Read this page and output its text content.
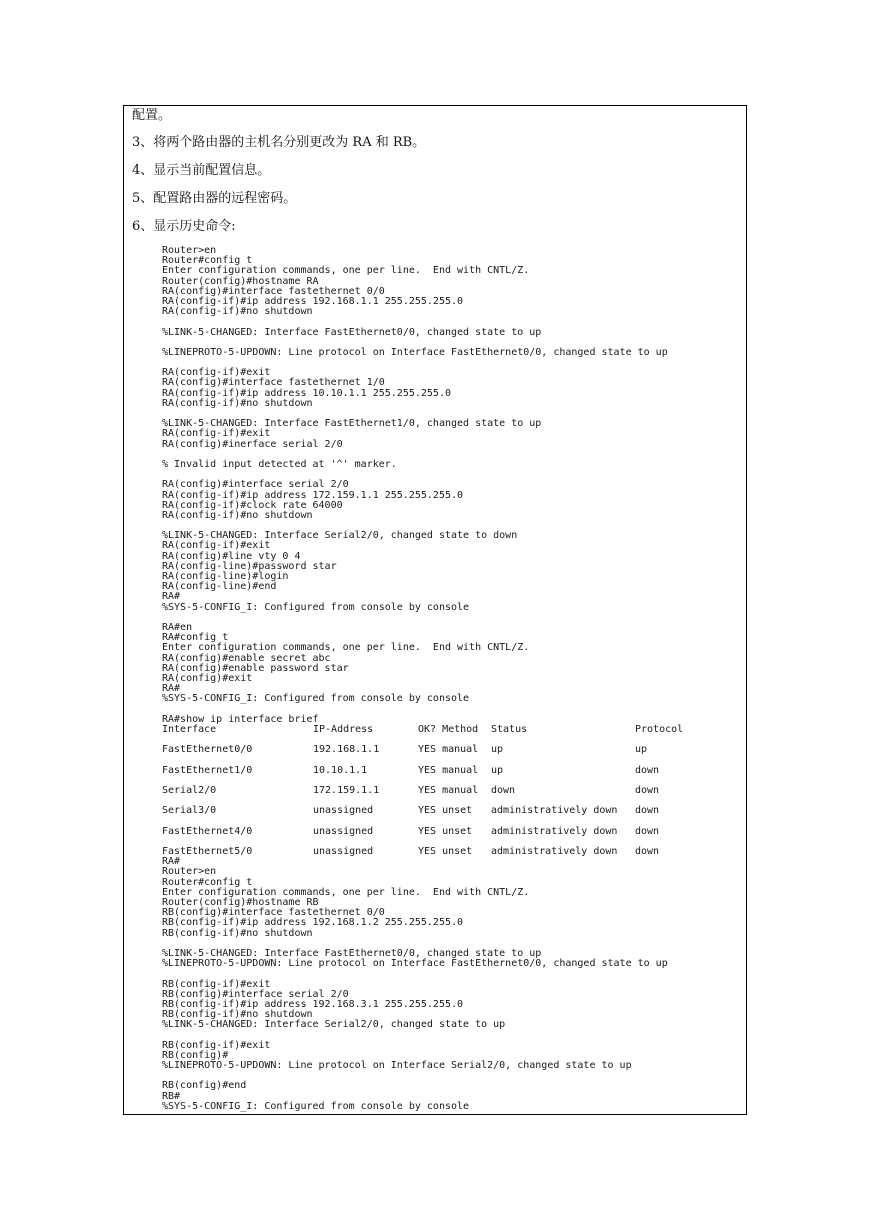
配置。
3、将两个路由器的主机名分别更改为 RA 和 RB。
4、显示当前配置信息。
5、配置路由器的远程密码。
6、显示历史命令:
Router>en
Router#config t
Enter configuration commands, one per line.  End with CNTL/Z.
Router(config)#hostname RA
RA(config)#interface fastethernet 0/0
RA(config-if)#ip address 192.168.1.1 255.255.255.0
RA(config-if)#no shutdown
%LINK-5-CHANGED: Interface FastEthernet0/0, changed state to up
%LINEPROTO-5-UPDOWN: Line protocol on Interface FastEthernet0/0, changed state to up
RA(config-if)#exit
RA(config)#interface fastethernet 1/0
RA(config-if)#ip address 10.10.1.1 255.255.255.0
RA(config-if)#no shutdown
%LINK-5-CHANGED: Interface FastEthernet1/0, changed state to up
RA(config-if)#exit
RA(config)#inerface serial 2/0
% Invalid input detected at '^' marker.
RA(config)#interface serial 2/0
RA(config-if)#ip address 172.159.1.1 255.255.255.0
RA(config-if)#clock rate 64000
RA(config-if)#no shutdown
%LINK-5-CHANGED: Interface Serial2/0, changed state to down
RA(config-if)#exit
RA(config)#line vty 0 4
RA(config-line)#password star
RA(config-line)#login
RA(config-line)#end
RA#
%SYS-5-CONFIG_I: Configured from console by console
RA#en
RA#config t
Enter configuration commands, one per line.  End with CNTL/Z.
RA(config)#enable secret abc
RA(config)#enable password star
RA(config)#exit
RA#
%SYS-5-CONFIG_I: Configured from console by console
RA#show ip interface brief
Interface	IP-Address	OK? Method	Status	Protocol
FastEthernet0/0	192.168.1.1	YES manual	up	up
FastEthernet1/0	10.10.1.1	YES manual	up	down
Serial2/0	172.159.1.1	YES manual	down	down
Serial3/0	unassigned	YES unset	administratively down	down
FastEthernet4/0	unassigned	YES unset	administratively down	down
FastEthernet5/0	unassigned	YES unset	administratively down	down
RA#
Router>en
Router#config t
Enter configuration commands, one per line.  End with CNTL/Z.
Router(config)#hostname RB
RB(config)#interface fastethernet 0/0
RB(config-if)#ip address 192.168.1.2 255.255.255.0
RB(config-if)#no shutdown
%LINK-5-CHANGED: Interface FastEthernet0/0, changed state to up
%LINEPROTO-5-UPDOWN: Line protocol on Interface FastEthernet0/0, changed state to up
RB(config-if)#exit
RB(config)#interface serial 2/0
RB(config-if)#ip address 192.168.3.1 255.255.255.0
RB(config-if)#no shutdown
%LINK-5-CHANGED: Interface Serial2/0, changed state to up
RB(config-if)#exit
RB(config)#
%LINEPROTO-5-UPDOWN: Line protocol on Interface Serial2/0, changed state to up
RB(config)#end
RB#
%SYS-5-CONFIG_I: Configured from console by console
